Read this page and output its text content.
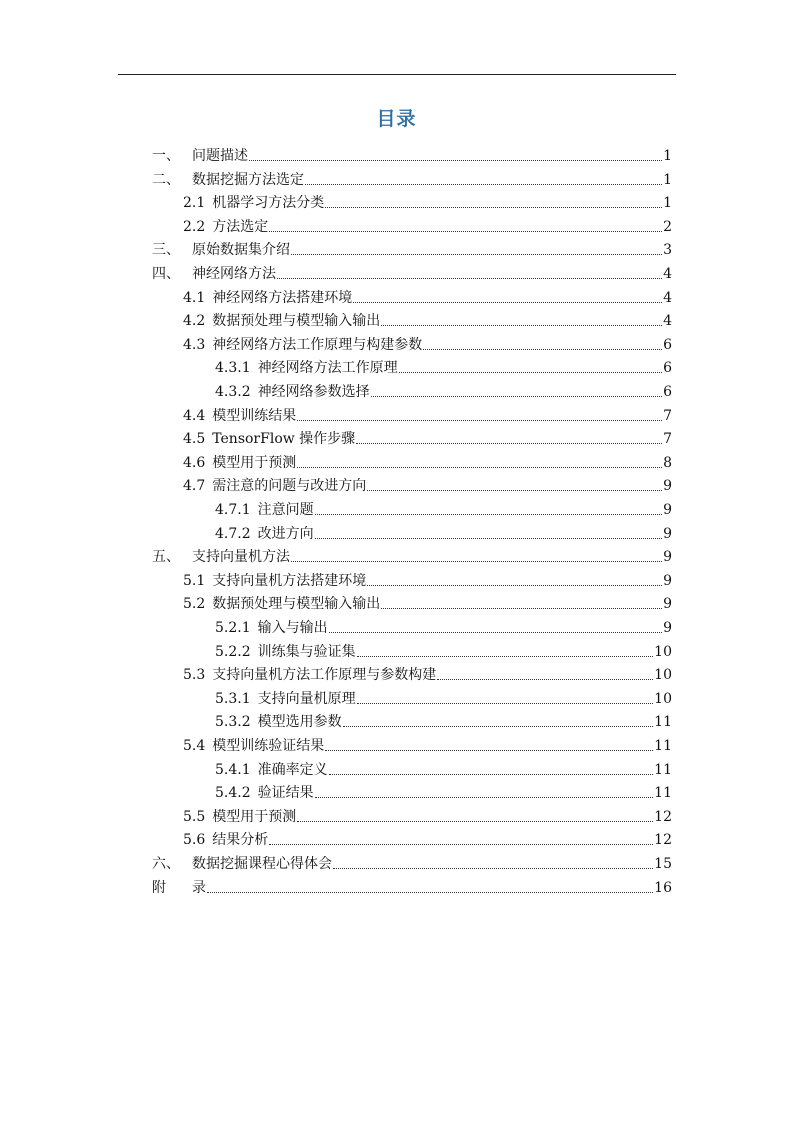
目录
一、 问题描述	1
二、 数据挖掘方法选定	1
2.1 机器学习方法分类	1
2.2 方法选定	2
三、 原始数据集介绍	3
四、 神经网络方法	4
4.1 神经网络方法搭建环境	4
4.2 数据预处理与模型输入输出	4
4.3 神经网络方法工作原理与构建参数	6
4.3.1 神经网络方法工作原理	6
4.3.2 神经网络参数选择	6
4.4 模型训练结果	7
4.5 TensorFlow 操作步骤	7
4.6 模型用于预测	8
4.7 需注意的问题与改进方向	9
4.7.1 注意问题	9
4.7.2 改进方向	9
五、 支持向量机方法	9
5.1 支持向量机方法搭建环境	9
5.2 数据预处理与模型输入输出	9
5.2.1 输入与输出	9
5.2.2 训练集与验证集	10
5.3 支持向量机方法工作原理与参数构建	10
5.3.1 支持向量机原理	10
5.3.2 模型选用参数	11
5.4 模型训练验证结果	11
5.4.1 准确率定义	11
5.4.2 验证结果	11
5.5 模型用于预测	12
5.6 结果分析	12
六、 数据挖掘课程心得体会	15
附	录	16
